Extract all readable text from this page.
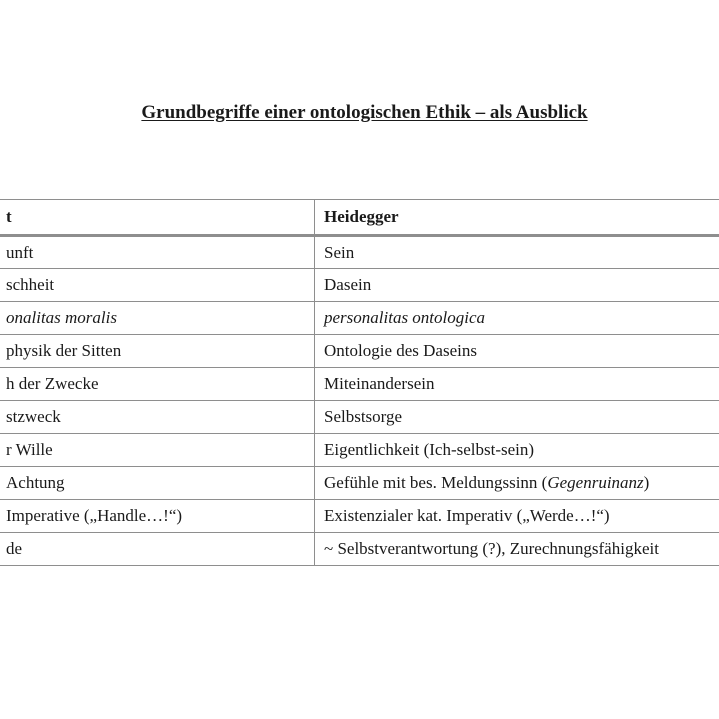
Grundbegriffe einer ontologischen Ethik – als Ausblick
t	Heidegger
unft	Sein
schheit	Dasein
onalitas moralis	personalitas ontologica
physik der Sitten	Ontologie des Daseins
h der Zwecke	Miteinandersein
stzweck	Selbstsorge
r Wille	Eigentlichkeit (Ich-selbst-sein)
Achtung	Gefühle mit bes. Meldungssinn (Gegenruinanz)
Imperative („Handle…!“)	Existenzialer kat. Imperativ („Werde…!“)
de	~ Selbstverantwortung (?), Zurechnungsfähigkeit
